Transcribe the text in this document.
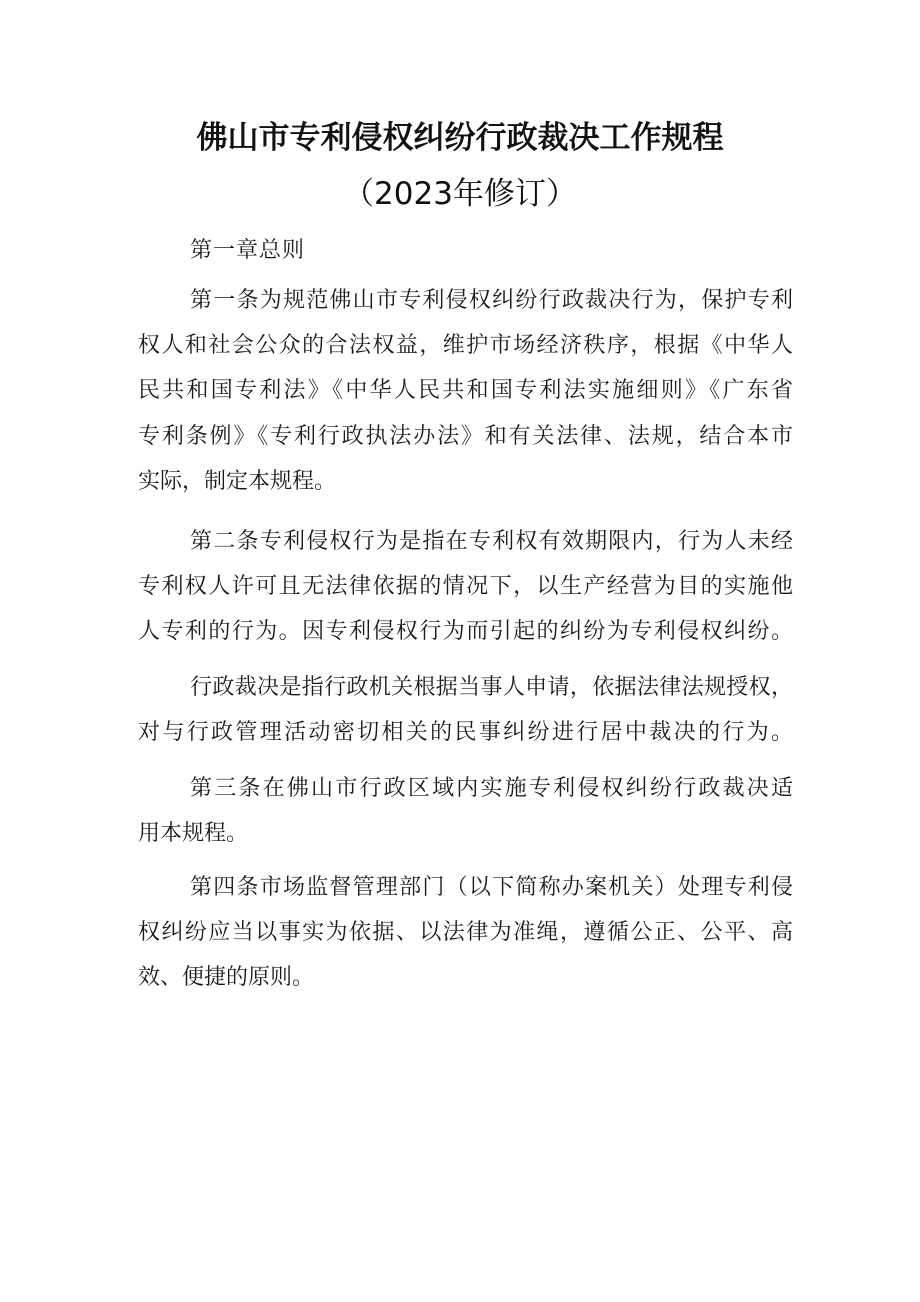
佛山市专利侵权纠纷行政裁决工作规程
（2023年修订）
第一章总则
第一条为规范佛山市专利侵权纠纷行政裁决行为，保护专利
权人和社会公众的合法权益，维护市场经济秩序，根据《中华人
民共和国专利法》《中华人民共和国专利法实施细则》《广东省
专利条例》《专利行政执法办法》和有关法律、法规，结合本市
实际，制定本规程。
第二条专利侵权行为是指在专利权有效期限内，行为人未经
专利权人许可且无法律依据的情况下，以生产经营为目的实施他
人专利的行为。因专利侵权行为而引起的纠纷为专利侵权纠纷。
行政裁决是指行政机关根据当事人申请，依据法律法规授权，
对与行政管理活动密切相关的民事纠纷进行居中裁决的行为。
第三条在佛山市行政区域内实施专利侵权纠纷行政裁决适
用本规程。
第四条市场监督管理部门（以下简称办案机关）处理专利侵
权纠纷应当以事实为依据、以法律为准绳，遵循公正、公平、高
效、便捷的原则。
